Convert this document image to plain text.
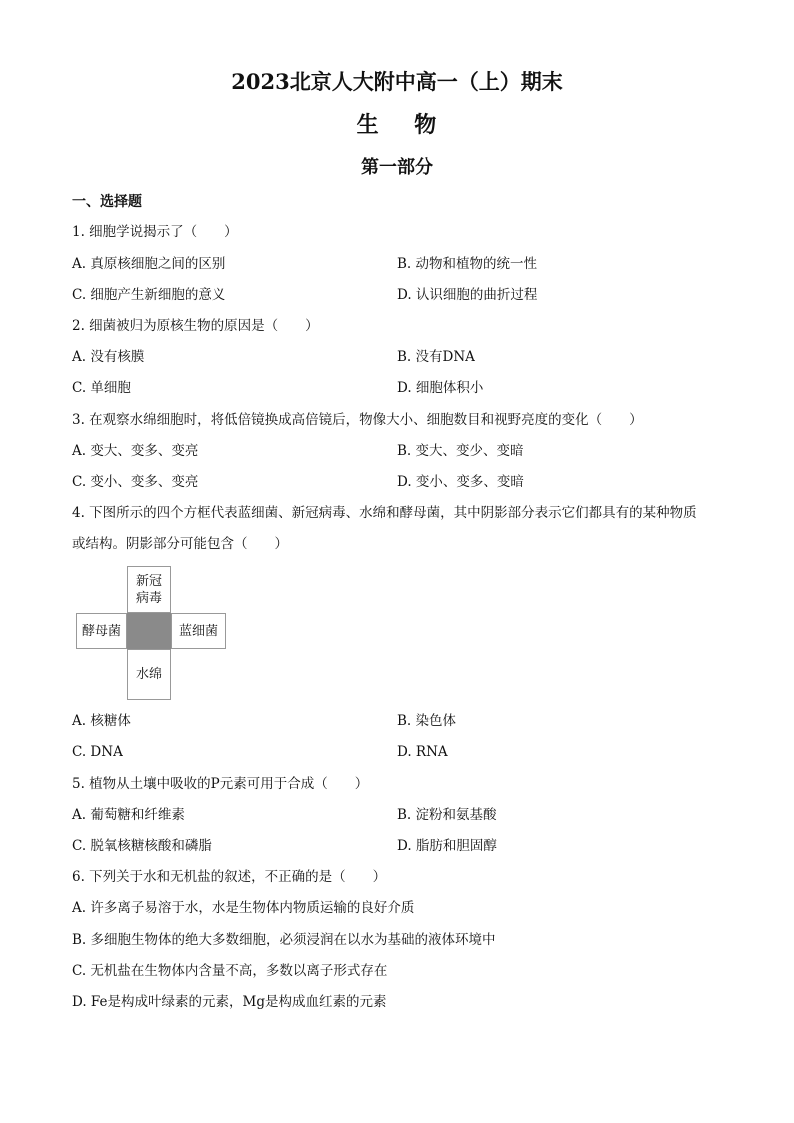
2023北京人大附中高一（上）期末
生    物
第一部分
一、选择题
1. 细胞学说揭示了（　　）
A. 真原核细胞之间的区别	B. 动物和植物的统一性
C. 细胞产生新细胞的意义	D. 认识细胞的曲折过程
2. 细菌被归为原核生物的原因是（　　）
A. 没有核膜	B. 没有DNA
C. 单细胞	D. 细胞体积小
3. 在观察水绵细胞时，将低倍镜换成高倍镜后，物像大小、细胞数目和视野亮度的变化（　　）
A. 变大、变多、变亮	B. 变大、变少、变暗
C. 变小、变多、变亮	D. 变小、变多、变暗
4. 下图所示的四个方框代表蓝细菌、新冠病毒、水绵和酵母菌，其中阴影部分表示它们都具有的某种物质
或结构。阴影部分可能包含（　　）
新冠
病毒
酵母菌	蓝细菌
水绵
A. 核糖体	B. 染色体
C. DNA	D. RNA
5. 植物从土壤中吸收的P元素可用于合成（　　）
A. 葡萄糖和纤维素	B. 淀粉和氨基酸
C. 脱氧核糖核酸和磷脂	D. 脂肪和胆固醇
6. 下列关于水和无机盐的叙述，不正确的是（　　）
A. 许多离子易溶于水，水是生物体内物质运输的良好介质
B. 多细胞生物体的绝大多数细胞，必须浸润在以水为基础的液体环境中
C. 无机盐在生物体内含量不高，多数以离子形式存在
D. Fe是构成叶绿素的元素，Mg是构成血红素的元素
